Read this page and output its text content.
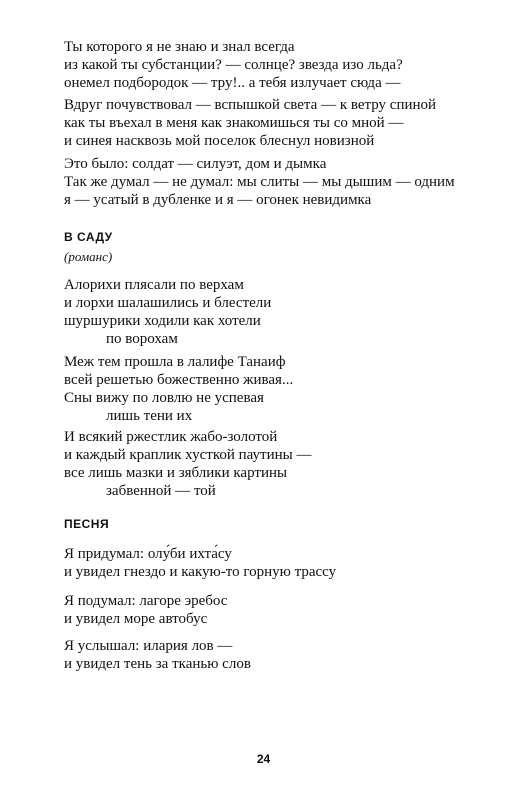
Ты которого я не знаю и знал всегда
из какой ты субстанции? — солнце? звезда изо льда?
онемел подбородок — тру!.. а тебя излучает сюда —
Вдруг почувствовал — вспышкой света — к ветру спиной
как ты въехал в меня как знакомишься ты со мной —
и синея насквозь мой поселок блеснул новизной
Это было: солдат — силуэт, дом и дымка
Так же думал — не думал: мы слиты — мы дышим — одним
я — усатый в дубленке и я — огонек невидимка
В САДУ
(романс)
Алорихи плясали по верхам
и лорхи шалашились и блестели
шуршурики ходили как хотели
по ворохам
Меж тем прошла в лалифе Танаиф
всей решетью божественно живая...
Сны вижу по ловлю не успевая
лишь тени их
И всякий ржестлик жабо-золотой
и каждый краплик хусткой паутины —
все лишь мазки и зяблики картины
забвенной — той
ПЕСНЯ
Я придумал: олу́би ихта́су
и увидел гнездо и какую-то горную трассу
Я подумал: лагоре эребос
и увидел море автобус
Я услышал: илария лов —
и увидел тень за тканью слов
24
